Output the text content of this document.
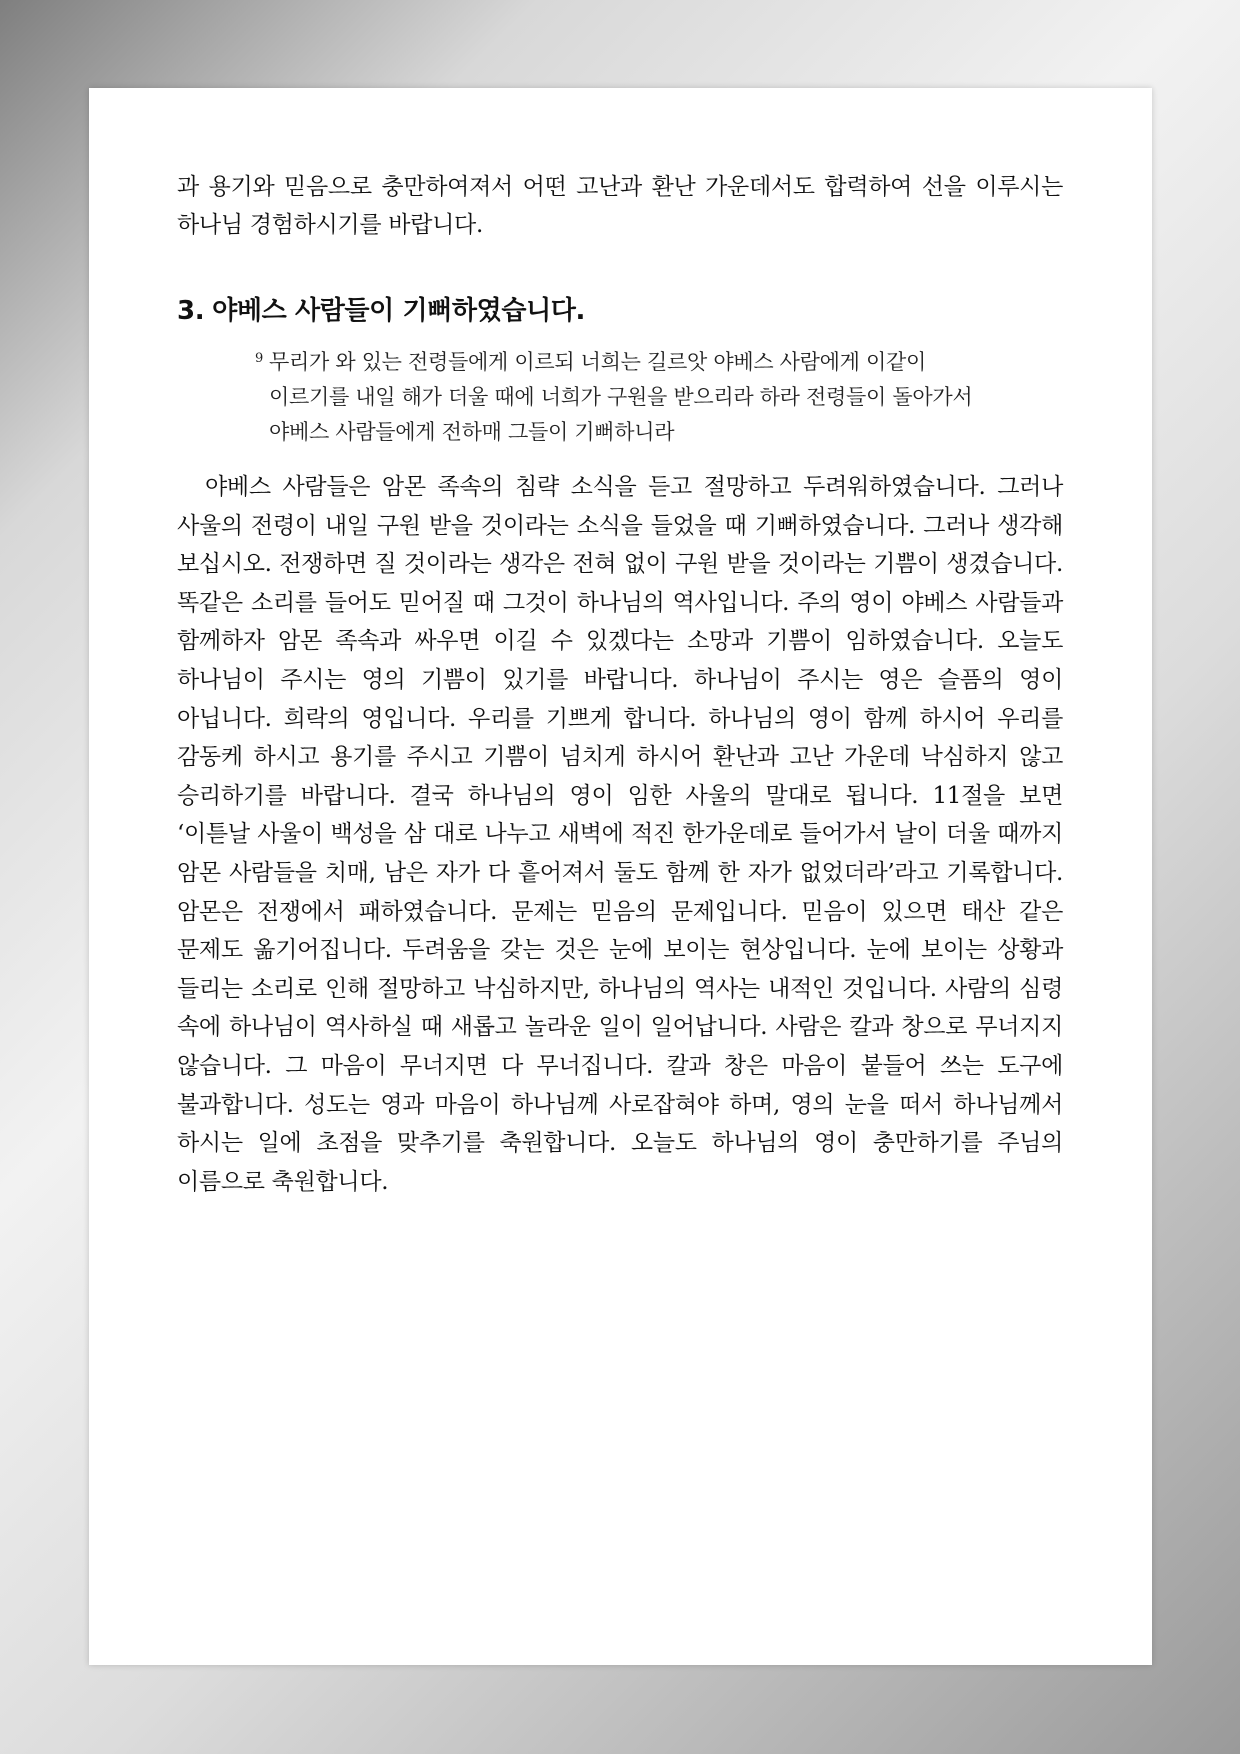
과 용기와 믿음으로 충만하여져서 어떤 고난과 환난 가운데서도 합력하여 선을 이루시는 하나님 경험하시기를 바랍니다.

3. 야베스 사람들이 기뻐하였습니다.
9 무리가 와 있는 전령들에게 이르되 너희는 길르앗 야베스 사람에게 이같이 이르기를 내일 해가 더울 때에 너희가 구원을 받으리라 하라 전령들이 돌아가서 야베스 사람들에게 전하매 그들이 기뻐하니라

야베스 사람들은 암몬 족속의 침략 소식을 듣고 절망하고 두려워하였습니다. 그러나 사울의 전령이 내일 구원 받을 것이라는 소식을 들었을 때 기뻐하였습니다. 그러나 생각해 보십시오. 전쟁하면 질 것이라는 생각은 전혀 없이 구원 받을 것이라는 기쁨이 생겼습니다. 똑같은 소리를 들어도 믿어질 때 그것이 하나님의 역사입니다. 주의 영이 야베스 사람들과 함께하자 암몬 족속과 싸우면 이길 수 있겠다는 소망과 기쁨이 임하였습니다. 오늘도 하나님이 주시는 영의 기쁨이 있기를 바랍니다. 하나님이 주시는 영은 슬픔의 영이 아닙니다. 희락의 영입니다. 우리를 기쁘게 합니다. 하나님의 영이 함께 하시어 우리를 감동케 하시고 용기를 주시고 기쁨이 넘치게 하시어 환난과 고난 가운데 낙심하지 않고 승리하기를 바랍니다. 결국 하나님의 영이 임한 사울의 말대로 됩니다. 11절을 보면 ‘이튿날 사울이 백성을 삼 대로 나누고 새벽에 적진 한가운데로 들어가서 날이 더울 때까지 암몬 사람들을 치매, 남은 자가 다 흩어져서 둘도 함께 한 자가 없었더라’라고 기록합니다. 암몬은 전쟁에서 패하였습니다. 문제는 믿음의 문제입니다. 믿음이 있으면 태산 같은 문제도 옮기어집니다. 두려움을 갖는 것은 눈에 보이는 현상입니다. 눈에 보이는 상황과 들리는 소리로 인해 절망하고 낙심하지만, 하나님의 역사는 내적인 것입니다. 사람의 심령 속에 하나님이 역사하실 때 새롭고 놀라운 일이 일어납니다. 사람은 칼과 창으로 무너지지 않습니다. 그 마음이 무너지면 다 무너집니다. 칼과 창은 마음이 붙들어 쓰는 도구에 불과합니다. 성도는 영과 마음이 하나님께 사로잡혀야 하며, 영의 눈을 떠서 하나님께서 하시는 일에 초점을 맞추기를 축원합니다. 오늘도 하나님의 영이 충만하기를 주님의 이름으로 축원합니다.
